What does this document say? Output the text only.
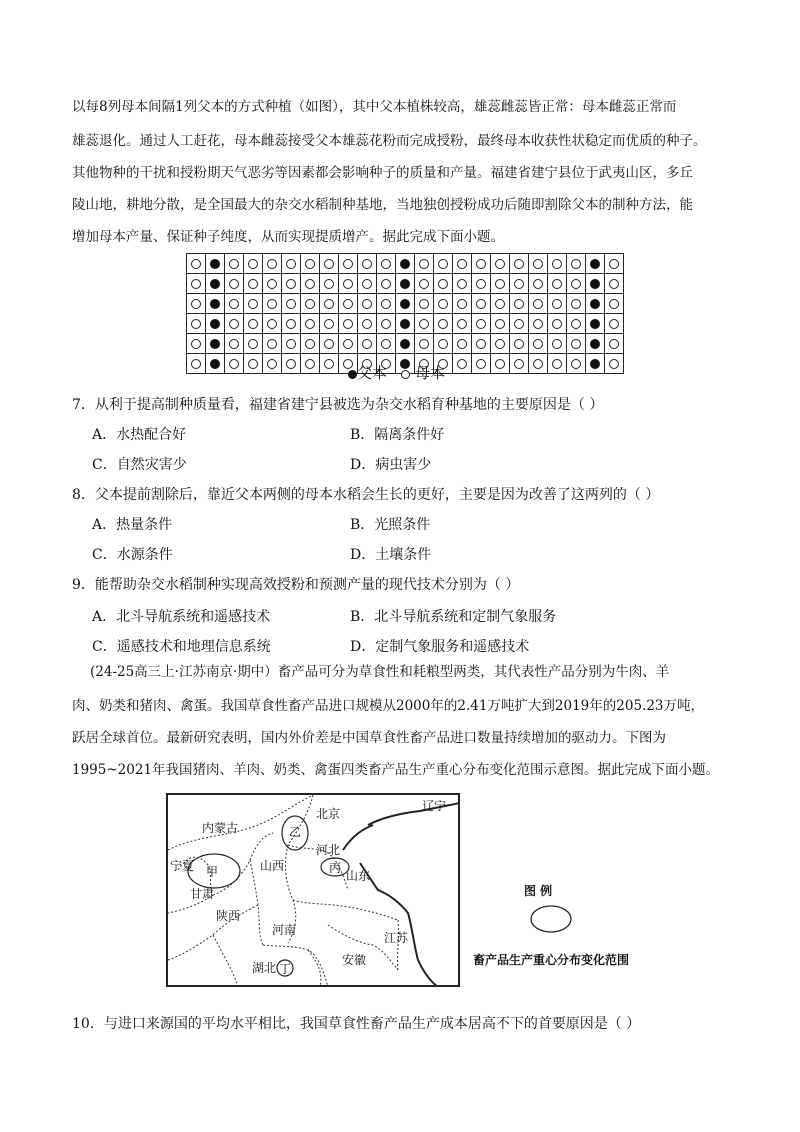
以每8列母本间隔1列父本的方式种植（如图），其中父本植株较高，雄蕊雌蕊皆正常：母本雌蕊正常而
雄蕊退化。通过人工赶花，母本雌蕊接受父本雄蕊花粉而完成授粉，最终母本收获性状稳定而优质的种子。
其他物种的干扰和授粉期天气恶劣等因素都会影响种子的质量和产量。福建省建宁县位于武夷山区，多丘
陵山地，耕地分散，是全国最大的杂交水稻制种基地，当地独创授粉成功后随即割除父本的制种方法，能
增加母本产量、保证种子纯度，从而实现提质增产。据此完成下面小题。

父本 母本
7．从利于提高制种质量看，福建省建宁县被选为杂交水稻育种基地的主要原因是（ ）
A．水热配合好	B．隔离条件好
C．自然灾害少	D．病虫害少
8．父本提前割除后，靠近父本两侧的母本水稻会生长的更好，主要是因为改善了这两列的（ ）
A．热量条件	B．光照条件
C．水源条件	D．土壤条件
9．能帮助杂交水稻制种实现高效授粉和预测产量的现代技术分别为（ ）
A．北斗导航系统和遥感技术	B．北斗导航系统和定制气象服务
C．遥感技术和地理信息系统	D．定制气象服务和遥感技术
(24-25高三上·江苏南京·期中）畜产品可分为草食性和耗粮型两类，其代表性产品分别为牛肉、羊
肉、奶类和猪肉、禽蛋。我国草食性畜产品进口规模从2000年的2.41万吨扩大到2019年的205.23万吨，
跃居全球首位。最新研究表明，国内外价差是中国草食性畜产品进口数量持续增加的驱动力。下图为
1995~2021年我国猪肉、羊肉、奶类、禽蛋四类畜产品生产重心分布变化范围示意图。据此完成下面小题。
内蒙古
北京
辽宁
宁夏
甘肃
山西
河北
山东
陕西
河南
江苏
安徽
湖北
甲
乙
丙
丁
图 例
畜产品生产重心分布变化范围
10．与进口来源国的平均水平相比，我国草食性畜产品生产成本居高不下的首要原因是（ ）
